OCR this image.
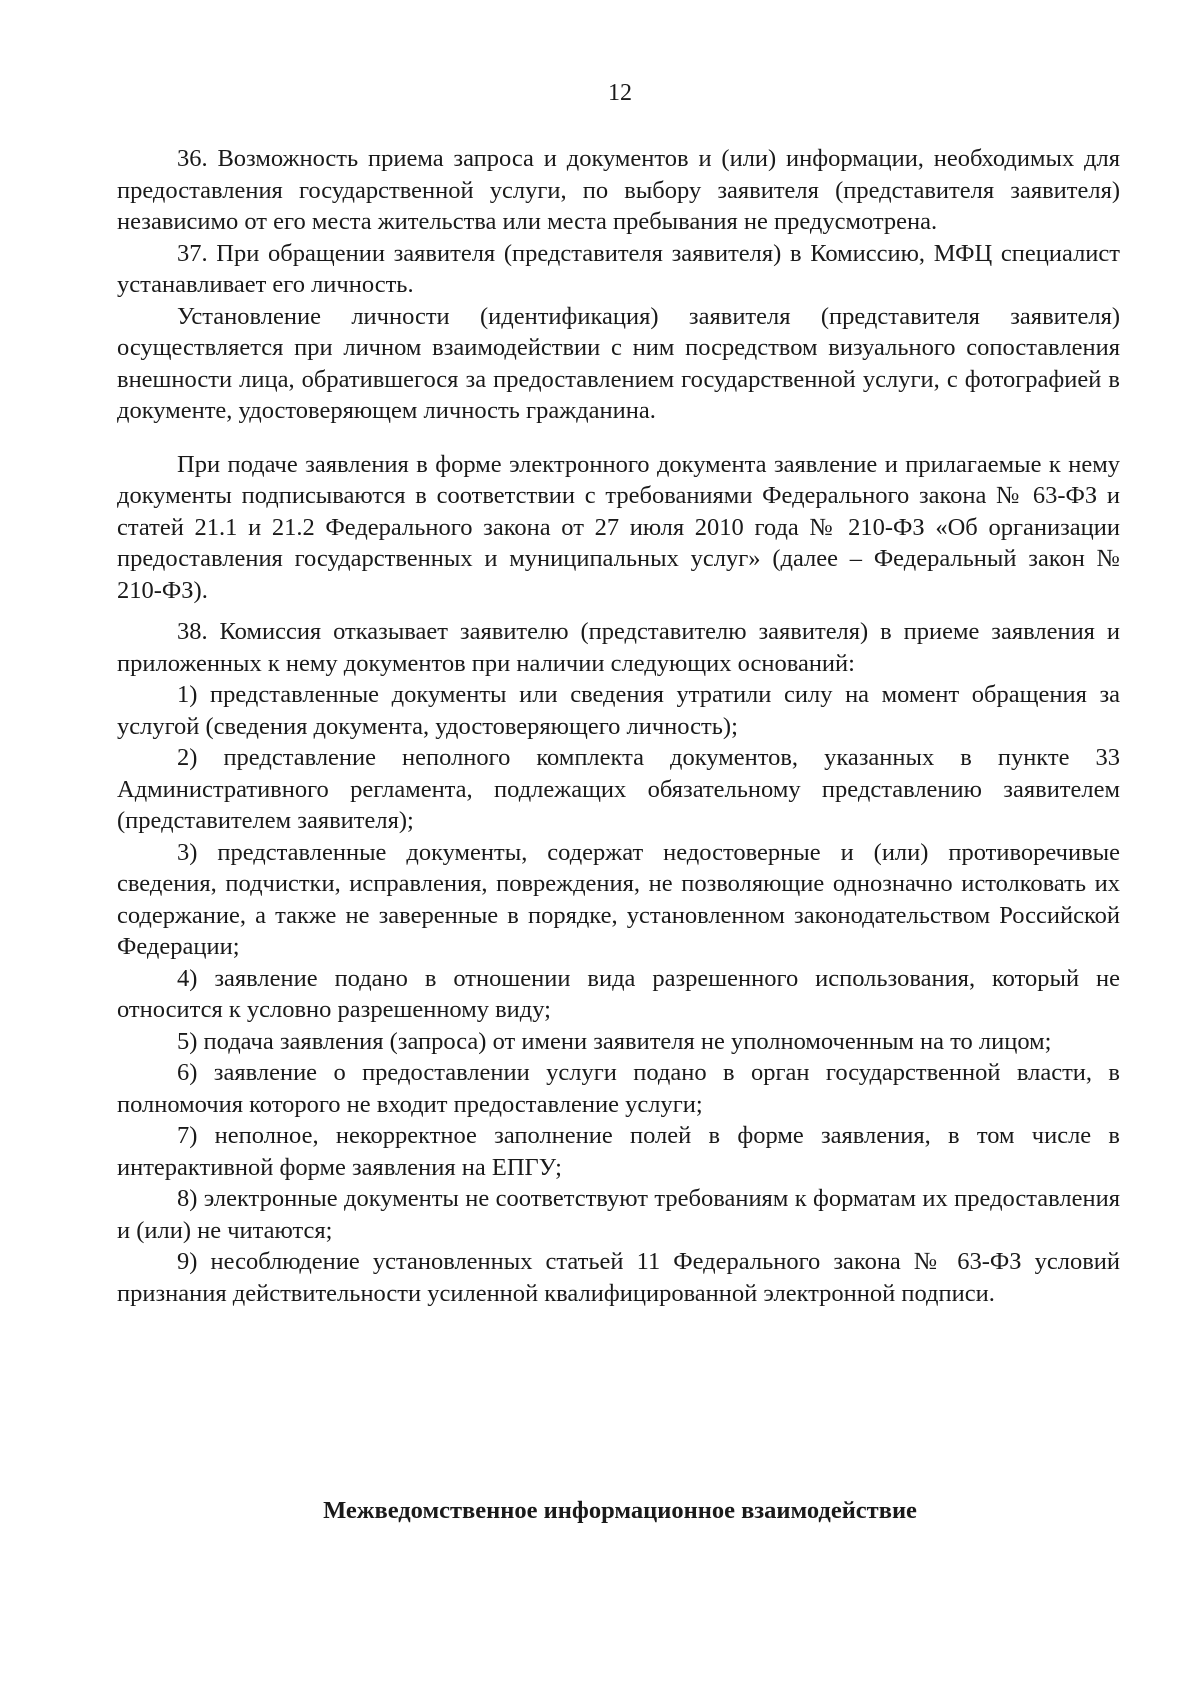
12

36. Возможность приема запроса и документов и (или) информации, необходимых для предоставления государственной услуги, по выбору заявителя (представителя заявителя) независимо от его места жительства или места пребывания не предусмотрена.

37. При обращении заявителя (представителя заявителя) в Комиссию, МФЦ специалист устанавливает его личность.

Установление личности (идентификация) заявителя (представителя заявителя) осуществляется при личном взаимодействии с ним посредством визуального сопоставления внешности лица, обратившегося за предоставлением государственной услуги, с фотографией в документе, удостоверяющем личность гражданина.

При подаче заявления в форме электронного документа заявление и прилагаемые к нему документы подписываются в соответствии с требованиями Федерального закона № 63-ФЗ и статей 21.1 и 21.2 Федерального закона от 27 июля 2010 года № 210-ФЗ «Об организации предоставления государственных и муниципальных услуг» (далее – Федеральный закон № 210-ФЗ).

38. Комиссия отказывает заявителю (представителю заявителя) в приеме заявления и приложенных к нему документов при наличии следующих оснований:

1) представленные документы или сведения утратили силу на момент обращения за услугой (сведения документа, удостоверяющего личность);

2) представление неполного комплекта документов, указанных в пункте 33 Административного регламента, подлежащих обязательному представлению заявителем (представителем заявителя);

3) представленные документы, содержат недостоверные и (или) противоречивые сведения, подчистки, исправления, повреждения, не позволяющие однозначно истолковать их содержание, а также не заверенные в порядке, установленном законодательством Российской Федерации;

4) заявление подано в отношении вида разрешенного использования, который не относится к условно разрешенному виду;

5) подача заявления (запроса) от имени заявителя не уполномоченным на то лицом;

6) заявление о предоставлении услуги подано в орган государственной власти, в полномочия которого не входит предоставление услуги;

7) неполное, некорректное заполнение полей в форме заявления, в том числе в интерактивной форме заявления на ЕПГУ;

8) электронные документы не соответствуют требованиям к форматам их предоставления и (или) не читаются;

9) несоблюдение установленных статьей 11 Федерального закона № 63-ФЗ условий признания действительности усиленной квалифицированной электронной подписи.

Межведомственное информационное взаимодействие
